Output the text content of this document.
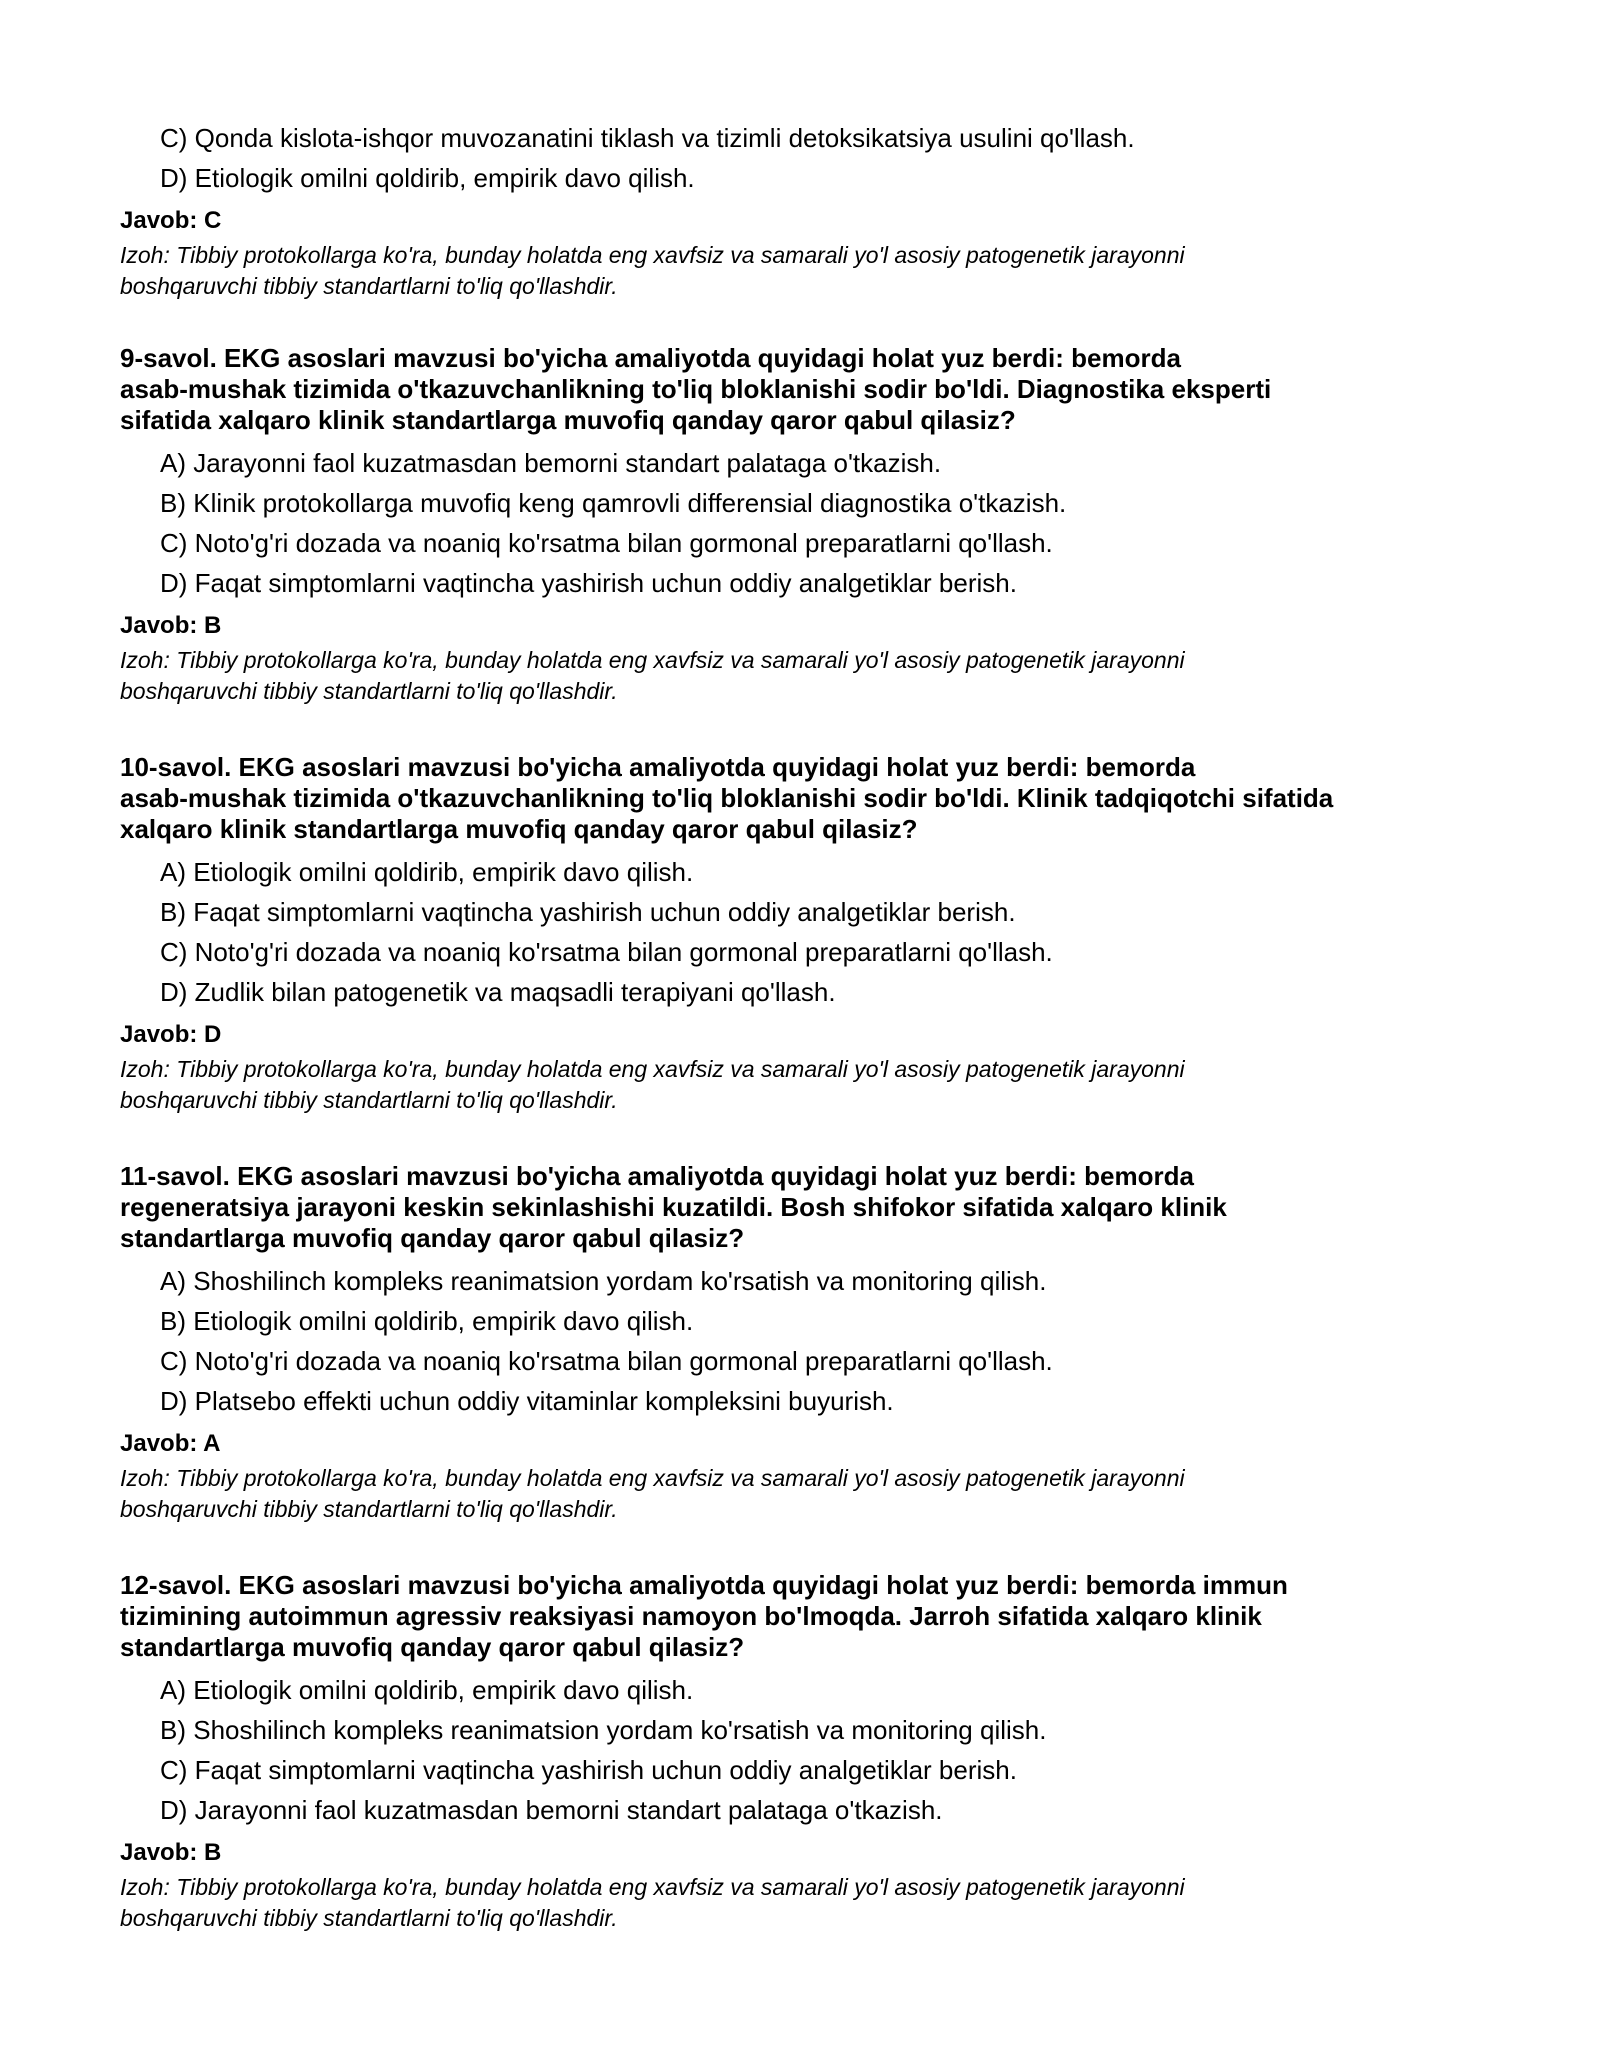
C) Qonda kislota-ishqor muvozanatini tiklash va tizimli detoksikatsiya usulini qo'llash.
D) Etiologik omilni qoldirib, empirik davo qilish.
Javob: C
Izoh: Tibbiy protokollarga ko'ra, bunday holatda eng xavfsiz va samarali yo'l asosiy patogenetik jarayonni
boshqaruvchi tibbiy standartlarni to'liq qo'llashdir.
9-savol. EKG asoslari mavzusi bo'yicha amaliyotda quyidagi holat yuz berdi: bemorda
asab-mushak tizimida o'tkazuvchanlikning to'liq bloklanishi sodir bo'ldi. Diagnostika eksperti
sifatida xalqaro klinik standartlarga muvofiq qanday qaror qabul qilasiz?
A) Jarayonni faol kuzatmasdan bemorni standart palataga o'tkazish.
B) Klinik protokollarga muvofiq keng qamrovli differensial diagnostika o'tkazish.
C) Noto'g'ri dozada va noaniq ko'rsatma bilan gormonal preparatlarni qo'llash.
D) Faqat simptomlarni vaqtincha yashirish uchun oddiy analgetiklar berish.
Javob: B
Izoh: Tibbiy protokollarga ko'ra, bunday holatda eng xavfsiz va samarali yo'l asosiy patogenetik jarayonni
boshqaruvchi tibbiy standartlarni to'liq qo'llashdir.
10-savol. EKG asoslari mavzusi bo'yicha amaliyotda quyidagi holat yuz berdi: bemorda
asab-mushak tizimida o'tkazuvchanlikning to'liq bloklanishi sodir bo'ldi. Klinik tadqiqotchi sifatida
xalqaro klinik standartlarga muvofiq qanday qaror qabul qilasiz?
A) Etiologik omilni qoldirib, empirik davo qilish.
B) Faqat simptomlarni vaqtincha yashirish uchun oddiy analgetiklar berish.
C) Noto'g'ri dozada va noaniq ko'rsatma bilan gormonal preparatlarni qo'llash.
D) Zudlik bilan patogenetik va maqsadli terapiyani qo'llash.
Javob: D
Izoh: Tibbiy protokollarga ko'ra, bunday holatda eng xavfsiz va samarali yo'l asosiy patogenetik jarayonni
boshqaruvchi tibbiy standartlarni to'liq qo'llashdir.
11-savol. EKG asoslari mavzusi bo'yicha amaliyotda quyidagi holat yuz berdi: bemorda
regeneratsiya jarayoni keskin sekinlashishi kuzatildi. Bosh shifokor sifatida xalqaro klinik
standartlarga muvofiq qanday qaror qabul qilasiz?
A) Shoshilinch kompleks reanimatsion yordam ko'rsatish va monitoring qilish.
B) Etiologik omilni qoldirib, empirik davo qilish.
C) Noto'g'ri dozada va noaniq ko'rsatma bilan gormonal preparatlarni qo'llash.
D) Platsebo effekti uchun oddiy vitaminlar kompleksini buyurish.
Javob: A
Izoh: Tibbiy protokollarga ko'ra, bunday holatda eng xavfsiz va samarali yo'l asosiy patogenetik jarayonni
boshqaruvchi tibbiy standartlarni to'liq qo'llashdir.
12-savol. EKG asoslari mavzusi bo'yicha amaliyotda quyidagi holat yuz berdi: bemorda immun
tizimining autoimmun agressiv reaksiyasi namoyon bo'lmoqda. Jarroh sifatida xalqaro klinik
standartlarga muvofiq qanday qaror qabul qilasiz?
A) Etiologik omilni qoldirib, empirik davo qilish.
B) Shoshilinch kompleks reanimatsion yordam ko'rsatish va monitoring qilish.
C) Faqat simptomlarni vaqtincha yashirish uchun oddiy analgetiklar berish.
D) Jarayonni faol kuzatmasdan bemorni standart palataga o'tkazish.
Javob: B
Izoh: Tibbiy protokollarga ko'ra, bunday holatda eng xavfsiz va samarali yo'l asosiy patogenetik jarayonni
boshqaruvchi tibbiy standartlarni to'liq qo'llashdir.
